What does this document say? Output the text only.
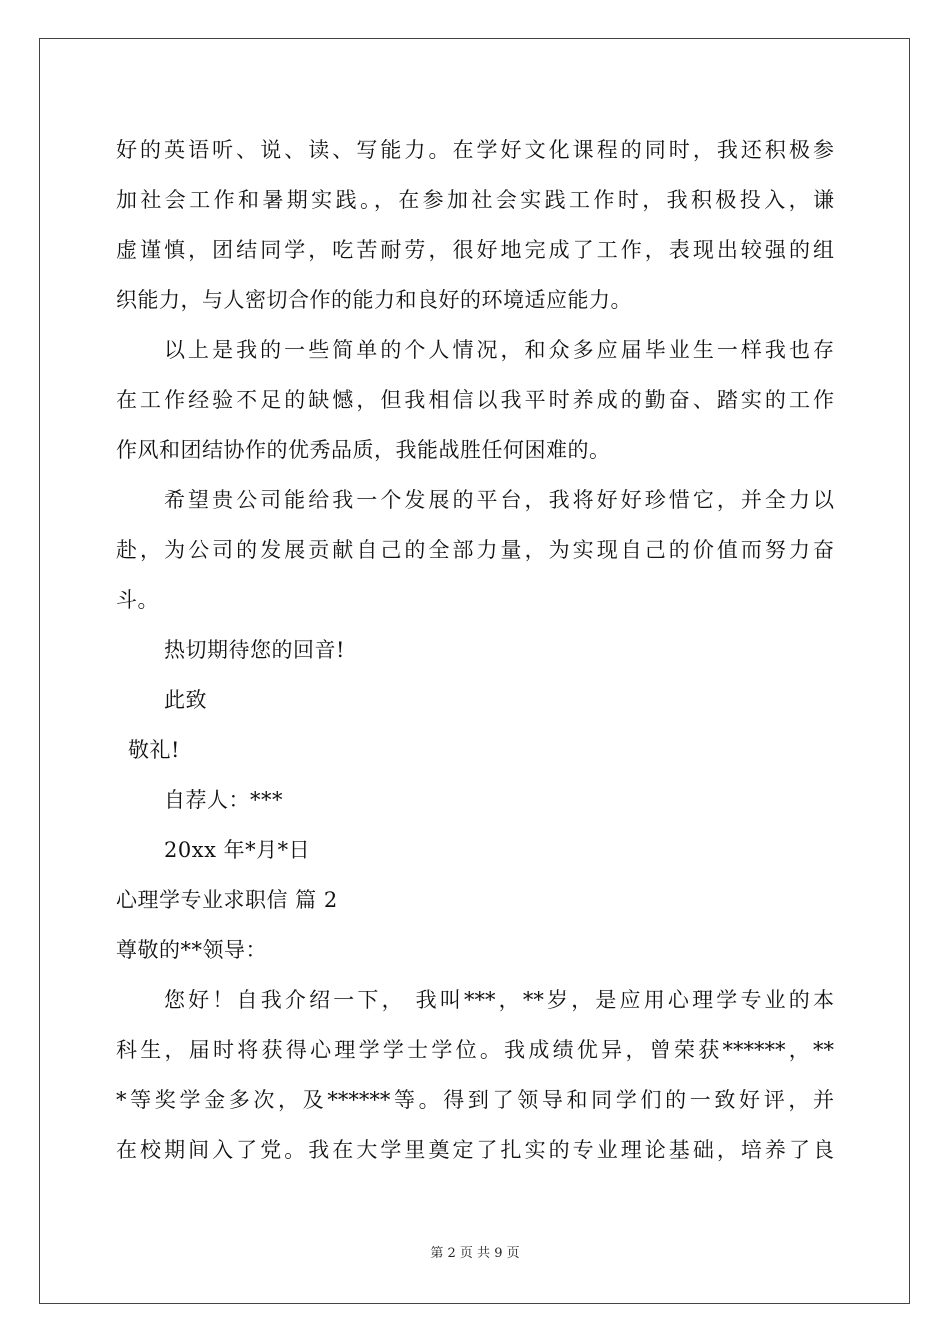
好的英语听、说、读、写能力。在学好文化课程的同时，我还积极参
加社会工作和暑期实践。，在参加社会实践工作时，我积极投入，谦
虚谨慎，团结同学，吃苦耐劳，很好地完成了工作，表现出较强的组
织能力，与人密切合作的能力和良好的环境适应能力。
以上是我的一些简单的个人情况，和众多应届毕业生一样我也存
在工作经验不足的缺憾，但我相信以我平时养成的勤奋、踏实的工作
作风和团结协作的优秀品质，我能战胜任何困难的。
希望贵公司能给我一个发展的平台，我将好好珍惜它，并全力以
赴，为公司的发展贡献自己的全部力量，为实现自己的价值而努力奋
斗。
热切期待您的回音!
此致
敬礼!
自荐人：***
20xx 年*月*日
心理学专业求职信 篇 2
尊敬的**领导：
您好！自我介绍一下， 我叫***，**岁，是应用心理学专业的本
科生，届时将获得心理学学士学位。我成绩优异，曾荣获******，**
*等奖学金多次，及******等。得到了领导和同学们的一致好评，并
在校期间入了党。我在大学里奠定了扎实的专业理论基础，培养了良
第 2 页 共 9 页
